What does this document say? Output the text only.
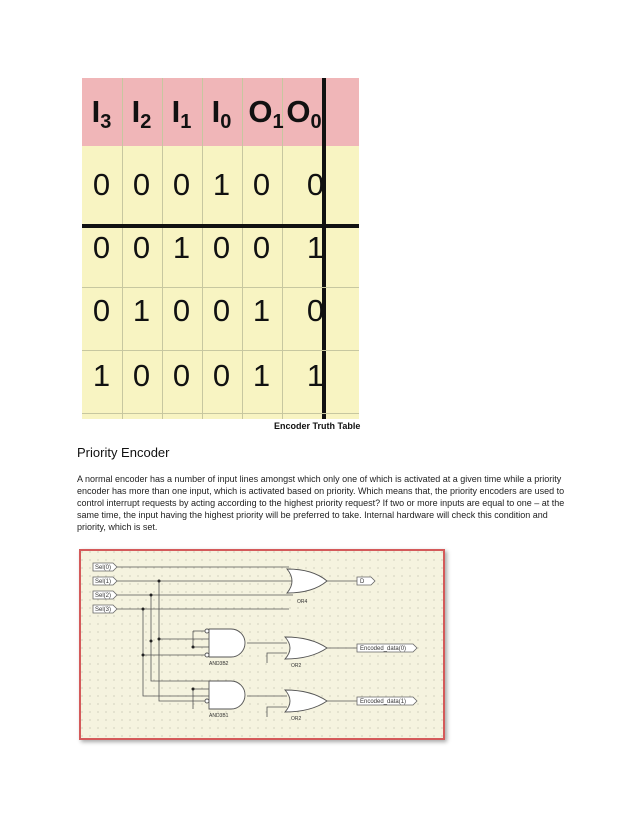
$I_3$ $I_2$ $I_1$ $I_0$ $O_1$ $O_0$
0 0 0 1 0	0
0 0 1 0 0	1
0 1 0 0 1	0
1 0 0 0 1	1
Encoder Truth Table
Priority Encoder
A normal encoder has a number of input lines amongst which only one of which is activated at a given time while a priority encoder has more than one input, which is activated based on priority. Which means that, the priority encoders are used to control interrupt requests by acting according to the highest priority request? If two or more inputs are equal to one – at the same time, the input having the highest priority will be preferred to take. Internal hardware will check this condition and priority, which is set.
Sel(0)
Sel(1)
Sel(2)
Sel(3)
D
Encoded_data(0)
Encoded_data(1)
OR4
AND3B2	OR2
AND3B1	OR2
